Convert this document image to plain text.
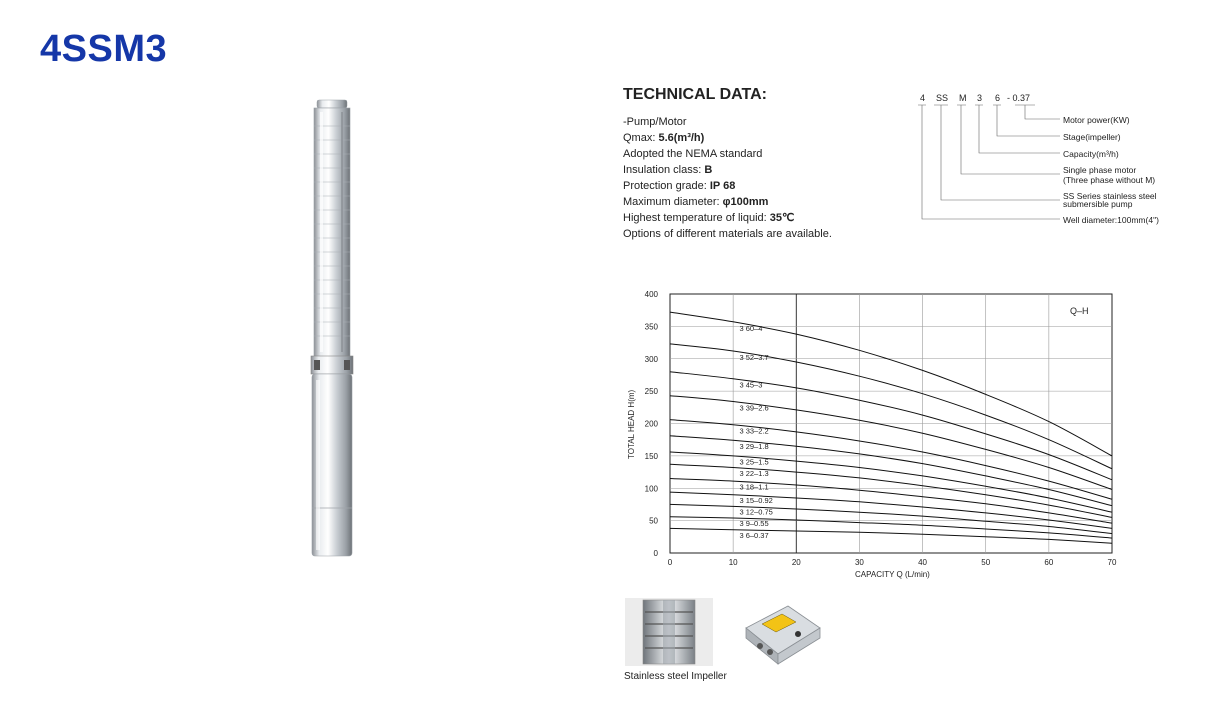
4SSM3
TECHNICAL DATA:
-Pump/Motor
Qmax: 5.6(m³/h)
Adopted the NEMA standard
Insulation class: B
Protection grade: IP 68
Maximum diameter: φ100mm
Highest temperature of liquid: 35℃
Options of different materials are available.
4 SS M 3 6 - 0.37
Motor power(KW)
Stage(impeller)
Capacity(m³/h)
Single phase motor
(Three phase without M)
SS Series stainless steel
submersible pump
Well diameter:100mm(4")
0	10	20	30	40	50	60	70
0
50
100
150
200
250
300
350
400
3 60–4
3 52–3.7
3 45–3
3 39–2.6
3 33–2.2
3 29–1.8
3 25–1.5
3 22–1.3
3 18–1.1
3 15–0.92
3 12–0.75
3 9–0.55
3 6–0.37
Q–H
CAPACITY Q (L/min)
TOTAL HEAD H(m)
Stainless steel Impeller
